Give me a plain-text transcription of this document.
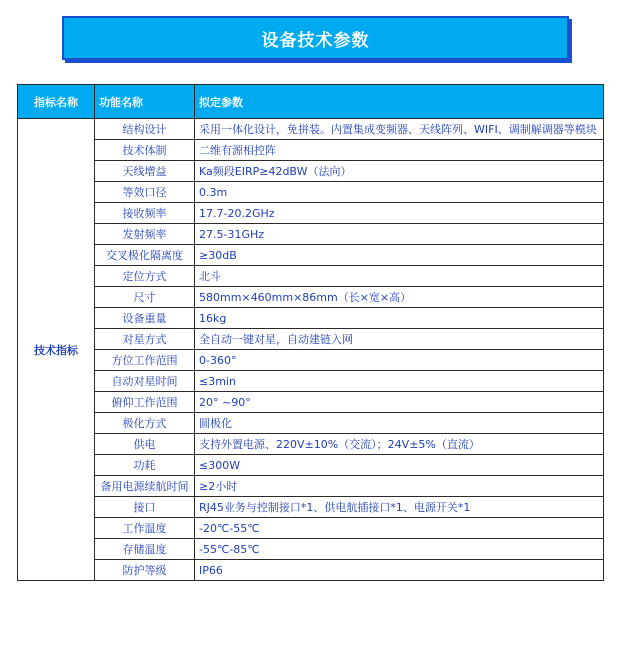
设备技术参数
指标名称	功能名称	拟定参数
技术指标	结构设计	采用一体化设计，免拼装。内置集成变频器、天线阵列、WIFI、调制解调器等模块
	技术体制	二维有源相控阵
	天线增益	Ka频段EIRP≥42dBW（法向）
	等效口径	0.3m
	接收频率	17.7-20.2GHz
	发射频率	27.5-31GHz
	交叉极化隔离度	≥30dB
	定位方式	北斗
	尺寸	580mm×460mm×86mm（长×宽×高）
	设备重量	16kg
	对星方式	全自动一键对星，自动建链入网
	方位工作范围	0-360°
	自动对星时间	≤3min
	俯仰工作范围	20° ~90°
	极化方式	圆极化
	供电	支持外置电源、220V±10%（交流）；24V±5%（直流）
	功耗	≤300W
	备用电源续航时间	≥2小时
	接口	RJ45业务与控制接口*1、供电航插接口*1、电源开关*1
	工作温度	-20℃-55℃
	存储温度	-55℃-85℃
	防护等级	IP66
